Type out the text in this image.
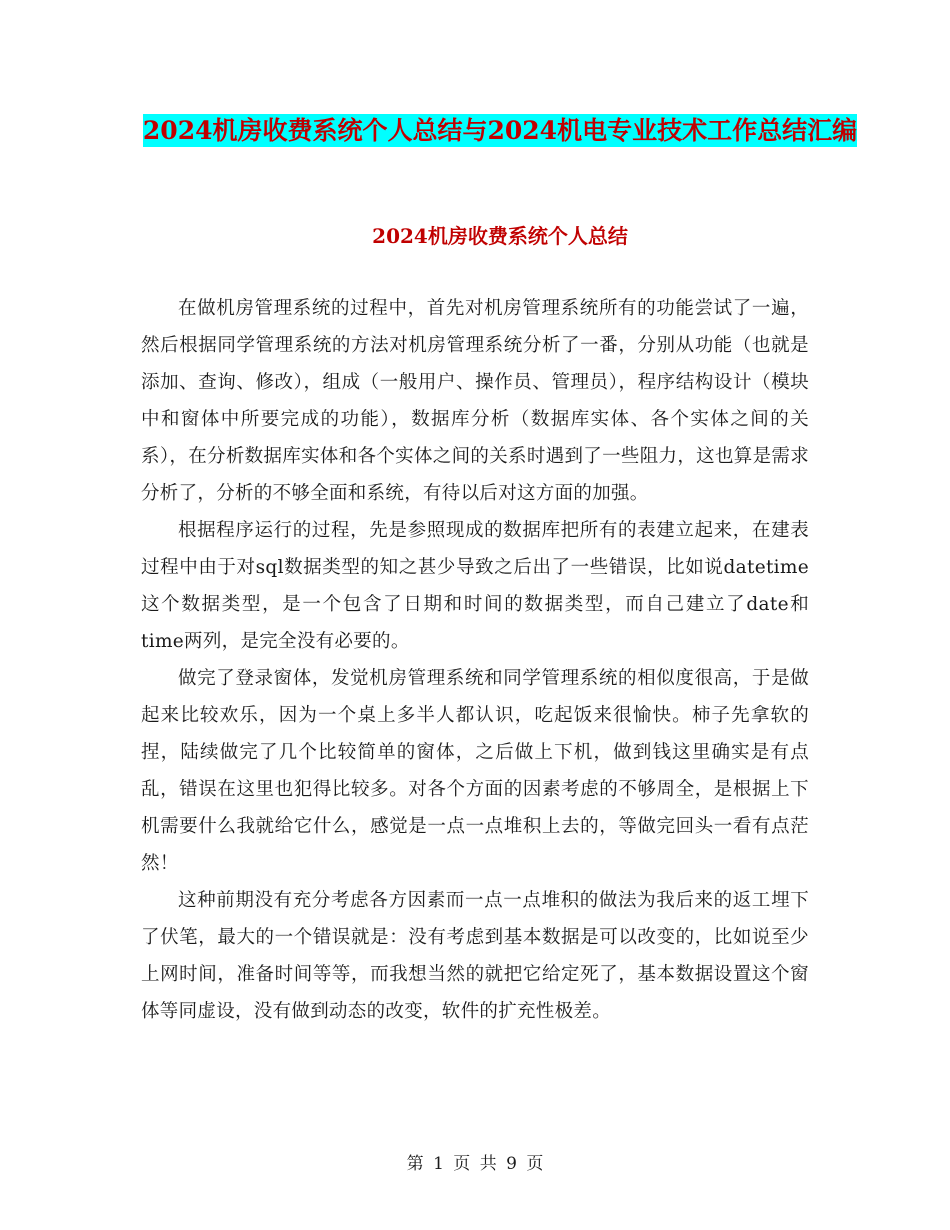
2024机房收费系统个人总结与2024机电专业技术工作总结汇编
2024机房收费系统个人总结

在做机房管理系统的过程中，首先对机房管理系统所有的功能尝试了一遍，然后根据同学管理系统的方法对机房管理系统分析了一番，分别从功能（也就是添加、查询、修改），组成（一般用户、操作员、管理员），程序结构设计（模块中和窗体中所要完成的功能），数据库分析（数据库实体、各个实体之间的关系），在分析数据库实体和各个实体之间的关系时遇到了一些阻力，这也算是需求分析了，分析的不够全面和系统，有待以后对这方面的加强。

根据程序运行的过程，先是参照现成的数据库把所有的表建立起来，在建表过程中由于对sql数据类型的知之甚少导致之后出了一些错误，比如说datetime这个数据类型，是一个包含了日期和时间的数据类型，而自己建立了date和time两列，是完全没有必要的。

做完了登录窗体，发觉机房管理系统和同学管理系统的相似度很高，于是做起来比较欢乐，因为一个桌上多半人都认识，吃起饭来很愉快。柿子先拿软的捏，陆续做完了几个比较简单的窗体，之后做上下机，做到钱这里确实是有点乱，错误在这里也犯得比较多。对各个方面的因素考虑的不够周全，是根据上下机需要什么我就给它什么，感觉是一点一点堆积上去的，等做完回头一看有点茫然！

这种前期没有充分考虑各方因素而一点一点堆积的做法为我后来的返工埋下了伏笔，最大的一个错误就是：没有考虑到基本数据是可以改变的，比如说至少上网时间，准备时间等等，而我想当然的就把它给定死了，基本数据设置这个窗体等同虚设，没有做到动态的改变，软件的扩充性极差。

第 1 页 共 9 页
